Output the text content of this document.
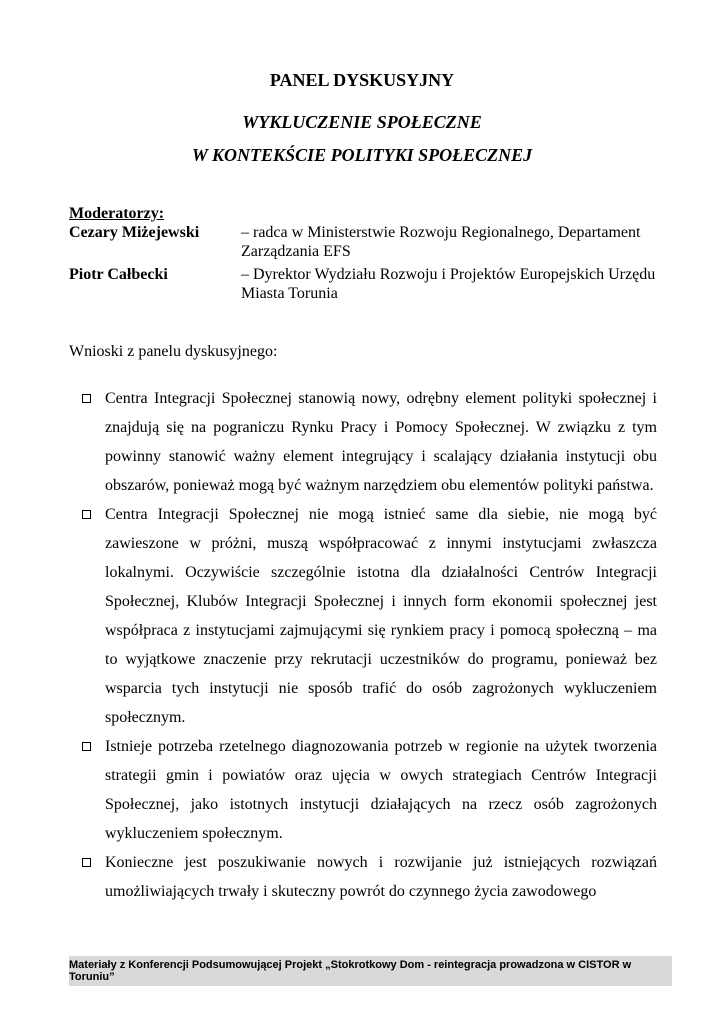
PANEL DYSKUSYJNY
WYKLUCZENIE SPOŁECZNE
W KONTEKŚCIE POLITYKI SPOŁECZNEJ
Moderatorzy:
Cezary Miżejewski	– radca w Ministerstwie Rozwoju Regionalnego, Departament Zarządzania EFS
Piotr Całbecki	– Dyrektor Wydziału Rozwoju i Projektów Europejskich Urzędu Miasta Torunia
Wnioski z panelu dyskusyjnego:
Centra Integracji Społecznej stanowią nowy, odrębny element polityki społecznej i znajdują się na pograniczu Rynku Pracy i Pomocy Społecznej. W związku z tym powinny stanowić ważny element integrujący i scalający działania instytucji obu obszarów, ponieważ mogą być ważnym narzędziem obu elementów polityki państwa.
Centra Integracji Społecznej nie mogą istnieć same dla siebie, nie mogą być zawieszone w próżni, muszą współpracować z innymi instytucjami zwłaszcza lokalnymi. Oczywiście szczególnie istotna dla działalności Centrów Integracji Społecznej, Klubów Integracji Społecznej i innych form ekonomii społecznej jest współpraca z instytucjami zajmującymi się rynkiem pracy i pomocą społeczną – ma to wyjątkowe znaczenie przy rekrutacji uczestników do programu, ponieważ bez wsparcia tych instytucji nie sposób trafić do osób zagrożonych wykluczeniem społecznym.
Istnieje potrzeba rzetelnego diagnozowania potrzeb w regionie na użytek tworzenia strategii gmin i powiatów oraz ujęcia w owych strategiach Centrów Integracji Społecznej, jako istotnych instytucji działających na rzecz osób zagrożonych wykluczeniem społecznym.
Konieczne jest poszukiwanie nowych i rozwijanie już istniejących rozwiązań umożliwiających trwały i skuteczny powrót do czynnego życia zawodowego
Materiały z Konferencji Podsumowującej Projekt „Stokrotkowy Dom - reintegracja prowadzona w CISTOR w Toruniu”
